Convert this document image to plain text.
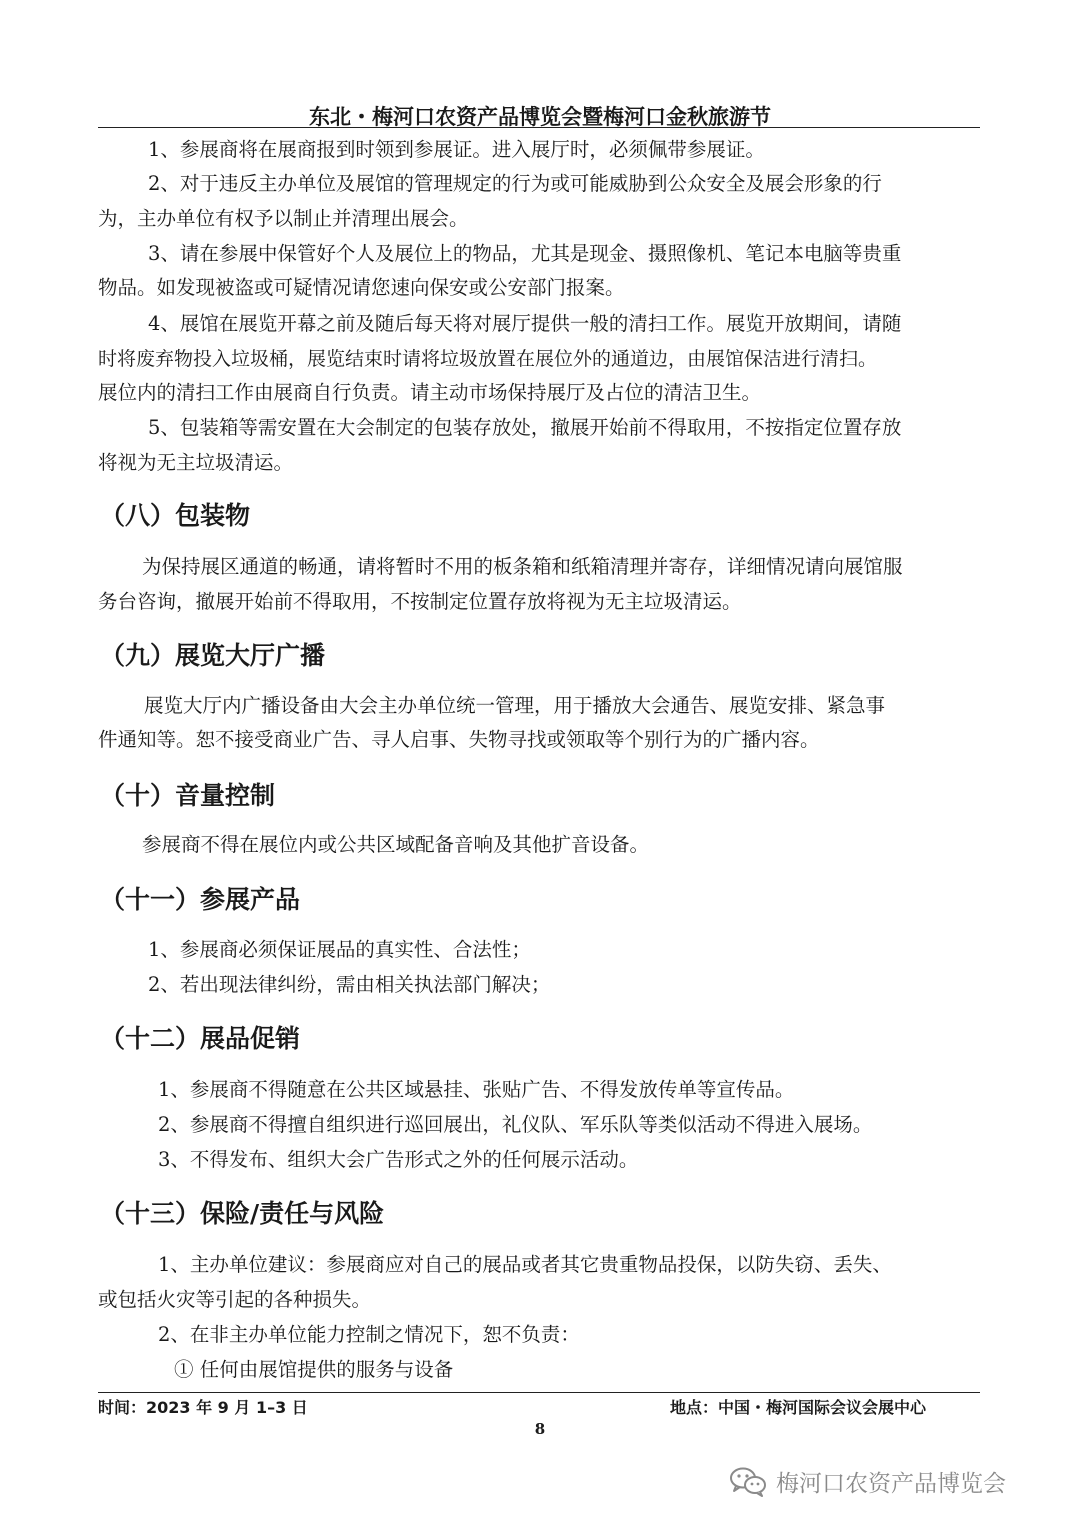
东北・梅河口农资产品博览会暨梅河口金秋旅游节
1、参展商将在展商报到时领到参展证。进入展厅时，必须佩带参展证。
2、对于违反主办单位及展馆的管理规定的行为或可能威胁到公众安全及展会形象的行
为，主办单位有权予以制止并清理出展会。
3、请在参展中保管好个人及展位上的物品，尤其是现金、摄照像机、笔记本电脑等贵重
物品。如发现被盗或可疑情况请您速向保安或公安部门报案。
4、展馆在展览开幕之前及随后每天将对展厅提供一般的清扫工作。展览开放期间，请随
时将废弃物投入垃圾桶，展览结束时请将垃圾放置在展位外的通道边，由展馆保洁进行清扫。
展位内的清扫工作由展商自行负责。请主动市场保持展厅及占位的清洁卫生。
5、包装箱等需安置在大会制定的包装存放处，撤展开始前不得取用，不按指定位置存放
将视为无主垃圾清运。
（八）包装物
为保持展区通道的畅通，请将暂时不用的板条箱和纸箱清理并寄存，详细情况请向展馆服
务台咨询，撤展开始前不得取用，不按制定位置存放将视为无主垃圾清运。
（九）展览大厅广播
展览大厅内广播设备由大会主办单位统一管理，用于播放大会通告、展览安排、紧急事
件通知等。恕不接受商业广告、寻人启事、失物寻找或领取等个别行为的广播内容。
（十）音量控制
参展商不得在展位内或公共区域配备音响及其他扩音设备。
（十一）参展产品
1、参展商必须保证展品的真实性、合法性；
2、若出现法律纠纷，需由相关执法部门解决；
（十二）展品促销
1、参展商不得随意在公共区域悬挂、张贴广告、不得发放传单等宣传品。
2、参展商不得擅自组织进行巡回展出，礼仪队、军乐队等类似活动不得进入展场。
3、不得发布、组织大会广告形式之外的任何展示活动。
（十三）保险/责任与风险
1、主办单位建议：参展商应对自己的展品或者其它贵重物品投保，以防失窃、丢失、
或包括火灾等引起的各种损失。
2、在非主办单位能力控制之情况下，恕不负责：
① 任何由展馆提供的服务与设备
时间：2023 年 9 月 1–3 日	地点：中国・梅河国际会议会展中心
8
梅河口农资产品博览会
